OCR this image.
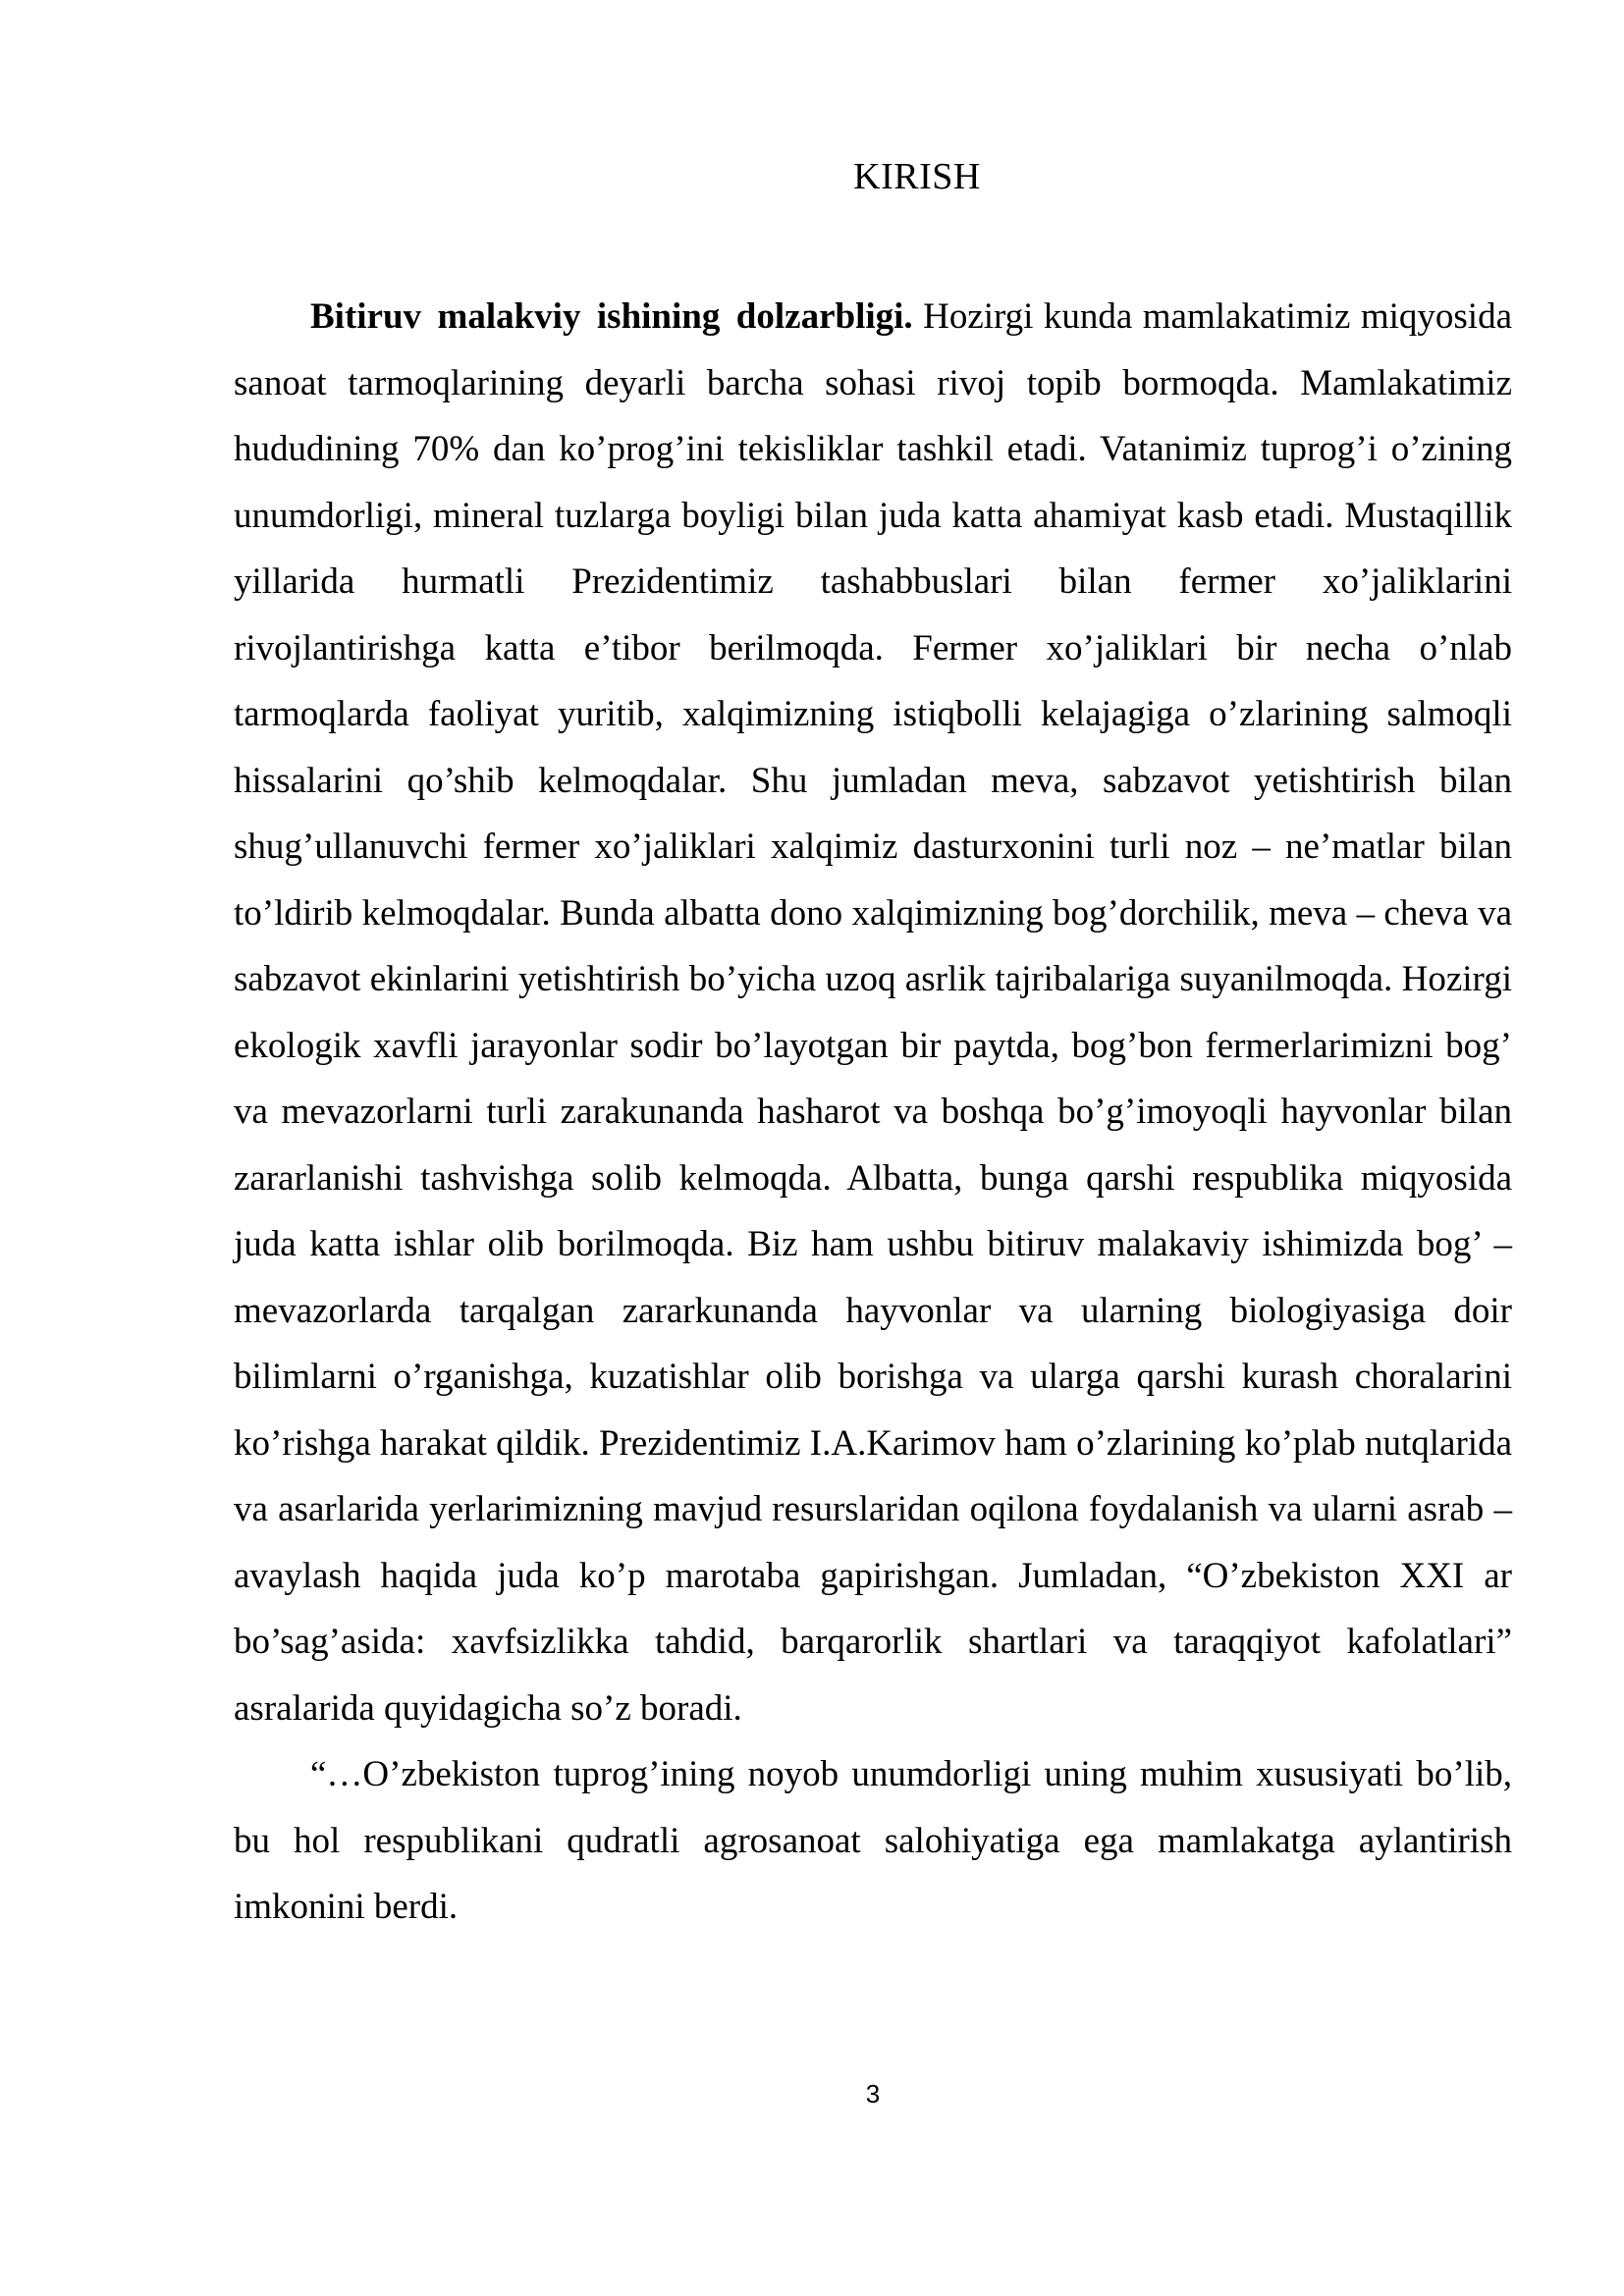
KIRISH

Bitiruv malakviy ishining dolzarbligi. Hozirgi kunda mamlakatimiz miqyosida sanoat tarmoqlarining deyarli barcha sohasi rivoj topib bormoqda. Mamlakatimiz hududining 70% dan ko’prog’ini tekisliklar tashkil etadi. Vatanimiz tuprog’i o’zining unumdorligi, mineral tuzlarga boyligi bilan juda katta ahamiyat kasb etadi. Mustaqillik yillarida hurmatli Prezidentimiz tashabbuslari bilan fermer xo’jaliklarini rivojlantirishga katta e’tibor berilmoqda. Fermer xo’jaliklari bir necha o’nlab tarmoqlarda faoliyat yuritib, xalqimizning istiqbolli kelajagiga o’zlarining salmoqli hissalarini qo’shib kelmoqdalar. Shu jumladan meva, sabzavot yetishtirish bilan shug’ullanuvchi fermer xo’jaliklari xalqimiz dasturxonini turli noz – ne’matlar bilan to’ldirib kelmoqdalar. Bunda albatta dono xalqimizning bog’dorchilik, meva – cheva va sabzavot ekinlarini yetishtirish bo’yicha uzoq asrlik tajribalariga suyanilmoqda. Hozirgi ekologik xavfli jarayonlar sodir bo’layotgan bir paytda, bog’bon fermerlarimizni bog’ va mevazorlarni turli zarakunanda hasharot va boshqa bo’g’imoyoqli hayvonlar bilan zararlanishi tashvishga solib kelmoqda. Albatta, bunga qarshi respublika miqyosida juda katta ishlar olib borilmoqda. Biz ham ushbu bitiruv malakaviy ishimizda bog’ – mevazorlarda tarqalgan zararkunanda hayvonlar va ularning biologiyasiga doir bilimlarni o’rganishga, kuzatishlar olib borishga va ularga qarshi kurash choralarini ko’rishga harakat qildik. Prezidentimiz I.A.Karimov ham o’zlarining ko’plab nutqlarida va asarlarida yerlarimizning mavjud resurslaridan oqilona foydalanish va ularni asrab – avaylash haqida juda ko’p marotaba gapirishgan. Jumladan, “O’zbekiston XXI ar bo’sag’asida: xavfsizlikka tahdid, barqarorlik shartlari va taraqqiyot kafolatlari” asralarida quyidagicha so’z boradi.

“…O’zbekiston tuprog’ining noyob unumdorligi uning muhim xususiyati bo’lib, bu hol respublikani qudratli agrosanoat salohiyatiga ega mamlakatga aylantirish imkonini berdi.

3
